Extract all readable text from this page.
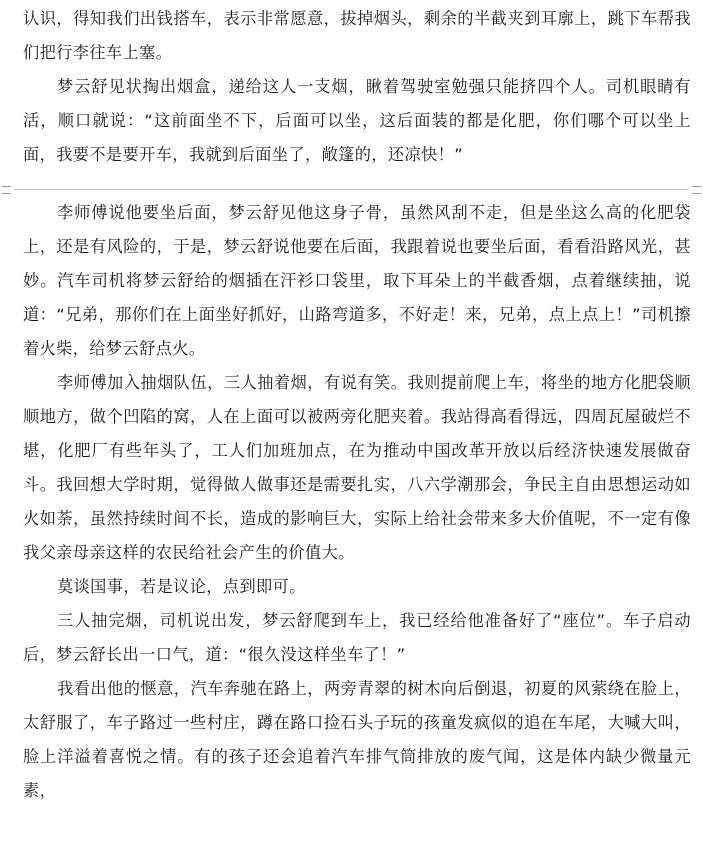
认识，得知我们出钱搭车，表示非常愿意，拔掉烟头，剩余的半截夹到耳廓上，跳下车帮我们把行李往车上塞。

梦云舒见状掏出烟盒，递给这人一支烟，瞅着驾驶室勉强只能挤四个人。司机眼睛有活，顺口就说：“这前面坐不下，后面可以坐，这后面装的都是化肥，你们哪个可以坐上面，我要不是要开车，我就到后面坐了，敞篷的，还凉快！”

李师傅说他要坐后面，梦云舒见他这身子骨，虽然风刮不走，但是坐这么高的化肥袋上，还是有风险的，于是，梦云舒说他要在后面，我跟着说也要坐后面，看看沿路风光，甚妙。汽车司机将梦云舒给的烟插在汗衫口袋里，取下耳朵上的半截香烟，点着继续抽，说道：“兄弟，那你们在上面坐好抓好，山路弯道多，不好走！来，兄弟，点上点上！”司机擦着火柴，给梦云舒点火。

李师傅加入抽烟队伍，三人抽着烟，有说有笑。我则提前爬上车，将坐的地方化肥袋顺顺地方，做个凹陷的窝，人在上面可以被两旁化肥夹着。我站得高看得远，四周瓦屋破烂不堪，化肥厂有些年头了，工人们加班加点，在为推动中国改革开放以后经济快速发展做奋斗。我回想大学时期，觉得做人做事还是需要扎实，八六学潮那会，争民主自由思想运动如火如荼，虽然持续时间不长，造成的影响巨大，实际上给社会带来多大价值呢，不一定有像我父亲母亲这样的农民给社会产生的价值大。

莫谈国事，若是议论，点到即可。

三人抽完烟，司机说出发，梦云舒爬到车上，我已经给他准备好了“座位”。车子启动后，梦云舒长出一口气，道：“很久没这样坐车了！”

我看出他的惬意，汽车奔驰在路上，两旁青翠的树木向后倒退，初夏的风萦绕在脸上，太舒服了，车子路过一些村庄，蹲在路口捡石头子玩的孩童发疯似的追在车尾，大喊大叫，脸上洋溢着喜悦之情。有的孩子还会追着汽车排气筒排放的废气闻，这是体内缺少微量元素，
